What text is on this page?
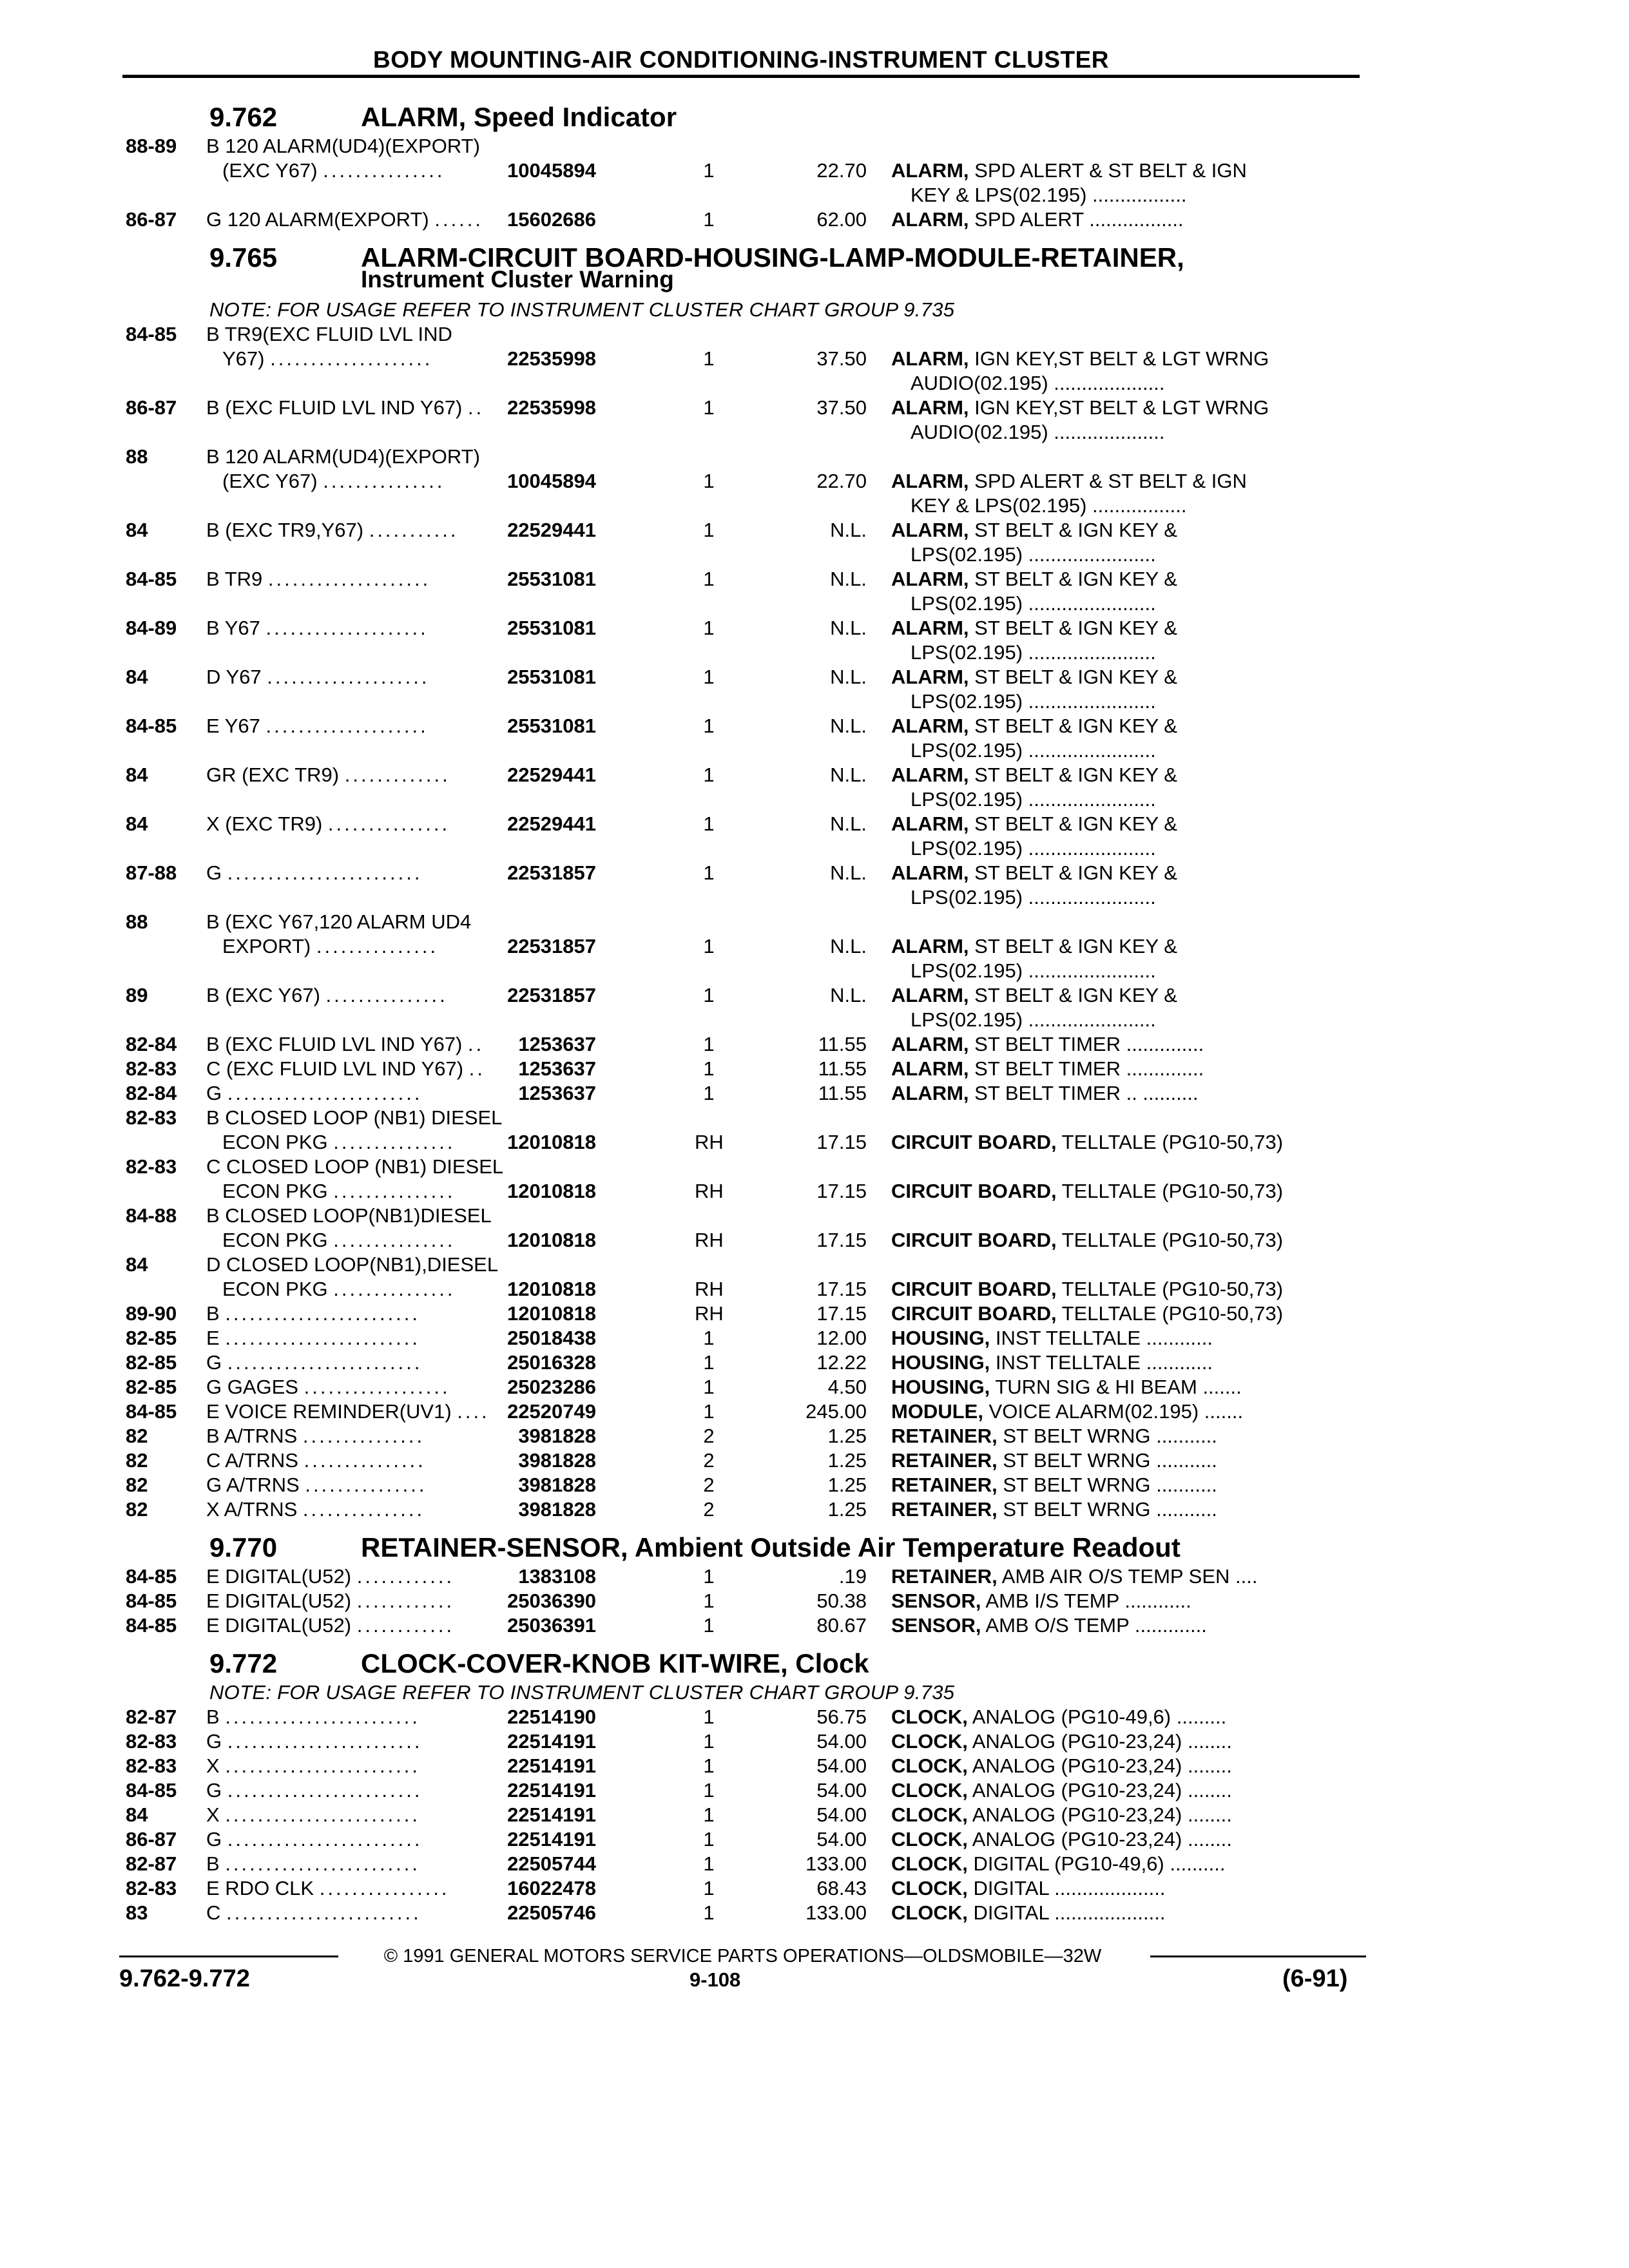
BODY MOUNTING-AIR CONDITIONING-INSTRUMENT CLUSTER
9.762	ALARM, Speed Indicator
88-89 B 120 ALARM(UD4)(EXPORT)
(EXC Y67) ...............	10045894	1	22.70 ALARM, SPD ALERT & ST BELT & IGN
KEY & LPS(02.195) .................
86-87 G 120 ALARM(EXPORT) ...... 15602686	1	62.00 ALARM, SPD ALERT .................
9.765	ALARM-CIRCUIT BOARD-HOUSING-LAMP-MODULE-RETAINER,
Instrument Cluster Warning
NOTE: FOR USAGE REFER TO INSTRUMENT CLUSTER CHART GROUP 9.735
84-85 B TR9(EXC FLUID LVL IND
Y67) ....................	22535998	1	37.50 ALARM, IGN KEY,ST BELT & LGT WRNG
AUDIO(02.195) ....................
86-87 B (EXC FLUID LVL IND Y67) .. 22535998	1	37.50 ALARM, IGN KEY,ST BELT & LGT WRNG
AUDIO(02.195) ....................
88	B 120 ALARM(UD4)(EXPORT)
(EXC Y67) ...............	10045894	1	22.70 ALARM, SPD ALERT & ST BELT & IGN
KEY & LPS(02.195) .................
84	B (EXC TR9,Y67) ........... 22529441	1	N.L. ALARM, ST BELT & IGN KEY &
LPS(02.195) .......................
84-85 B TR9 ....................	25531081	1	N.L. ALARM, ST BELT & IGN KEY &
LPS(02.195) .......................
84-89 B Y67 ....................	25531081	1	N.L. ALARM, ST BELT & IGN KEY &
LPS(02.195) .......................
84	D Y67 ....................	25531081	1	N.L. ALARM, ST BELT & IGN KEY &
LPS(02.195) .......................
84-85 E Y67 ....................	25531081	1	N.L. ALARM, ST BELT & IGN KEY &
LPS(02.195) .......................
84	GR (EXC TR9) .............	22529441	1	N.L. ALARM, ST BELT & IGN KEY &
LPS(02.195) .......................
84	X (EXC TR9) ...............	22529441	1	N.L. ALARM, ST BELT & IGN KEY &
LPS(02.195) .......................
87-88 G ........................	22531857	1	N.L. ALARM, ST BELT & IGN KEY &
LPS(02.195) .......................
88	B (EXC Y67,120 ALARM UD4
EXPORT) ...............	22531857	1	N.L. ALARM, ST BELT & IGN KEY &
LPS(02.195) .......................
89	B (EXC Y67) ...............	22531857	1	N.L. ALARM, ST BELT & IGN KEY &
LPS(02.195) .......................
82-84 B (EXC FLUID LVL IND Y67) .. 1253637	1	11.55 ALARM, ST BELT TIMER ..............
82-83 C (EXC FLUID LVL IND Y67) .. 1253637	1	11.55 ALARM, ST BELT TIMER ..............
82-84 G ........................	1253637	1	11.55 ALARM, ST BELT TIMER .. ..........
82-83 B CLOSED LOOP (NB1) DIESEL
ECON PKG ...............	12010818	RH	17.15 CIRCUIT BOARD, TELLTALE (PG10-50,73)
82-83 C CLOSED LOOP (NB1) DIESEL
ECON PKG ...............	12010818	RH	17.15 CIRCUIT BOARD, TELLTALE (PG10-50,73)
84-88 B CLOSED LOOP(NB1)DIESEL
ECON PKG ...............	12010818	RH	17.15 CIRCUIT BOARD, TELLTALE (PG10-50,73)
84	D CLOSED LOOP(NB1),DIESEL
ECON PKG ...............	12010818	RH	17.15 CIRCUIT BOARD, TELLTALE (PG10-50,73)
89-90 B ........................	12010818	RH	17.15 CIRCUIT BOARD, TELLTALE (PG10-50,73)
82-85 E ........................	25018438	1	12.00 HOUSING, INST TELLTALE ............
82-85 G ........................	25016328	1	12.22 HOUSING, INST TELLTALE ............
82-85 G GAGES ..................	25023286	1	4.50 HOUSING, TURN SIG & HI BEAM .......
84-85 E VOICE REMINDER(UV1) .... 22520749	1	245.00 MODULE, VOICE ALARM(02.195) .......
82	B A/TRNS ...............	3981828	2	1.25 RETAINER, ST BELT WRNG ...........
82	C A/TRNS ...............	3981828	2	1.25 RETAINER, ST BELT WRNG ...........
82	G A/TRNS ...............	3981828	2	1.25 RETAINER, ST BELT WRNG ...........
82	X A/TRNS ...............	3981828	2	1.25 RETAINER, ST BELT WRNG ...........
9.770	RETAINER-SENSOR, Ambient Outside Air Temperature Readout
84-85 E DIGITAL(U52) ............	1383108	1	.19 RETAINER, AMB AIR O/S TEMP SEN ....
84-85 E DIGITAL(U52) ............	25036390	1	50.38 SENSOR, AMB I/S TEMP ............
84-85 E DIGITAL(U52) ............	25036391	1	80.67 SENSOR, AMB O/S TEMP .............
9.772	CLOCK-COVER-KNOB KIT-WIRE, Clock
NOTE: FOR USAGE REFER TO INSTRUMENT CLUSTER CHART GROUP 9.735
82-87 B ........................	22514190	1	56.75 CLOCK, ANALOG (PG10-49,6) .........
82-83 G ........................	22514191	1	54.00 CLOCK, ANALOG (PG10-23,24) ........
82-83 X ........................	22514191	1	54.00 CLOCK, ANALOG (PG10-23,24) ........
84-85 G ........................	22514191	1	54.00 CLOCK, ANALOG (PG10-23,24) ........
84	X ........................	22514191	1	54.00 CLOCK, ANALOG (PG10-23,24) ........
86-87 G ........................	22514191	1	54.00 CLOCK, ANALOG (PG10-23,24) ........
82-87 B ........................	22505744	1	133.00 CLOCK, DIGITAL (PG10-49,6) ..........
82-83 E RDO CLK ................	16022478	1	68.43 CLOCK, DIGITAL ....................
83	C ........................	22505746	1	133.00 CLOCK, DIGITAL ....................
© 1991 GENERAL MOTORS SERVICE PARTS OPERATIONS—OLDSMOBILE—32W
9.762-9.772	9-108	(6-91)
